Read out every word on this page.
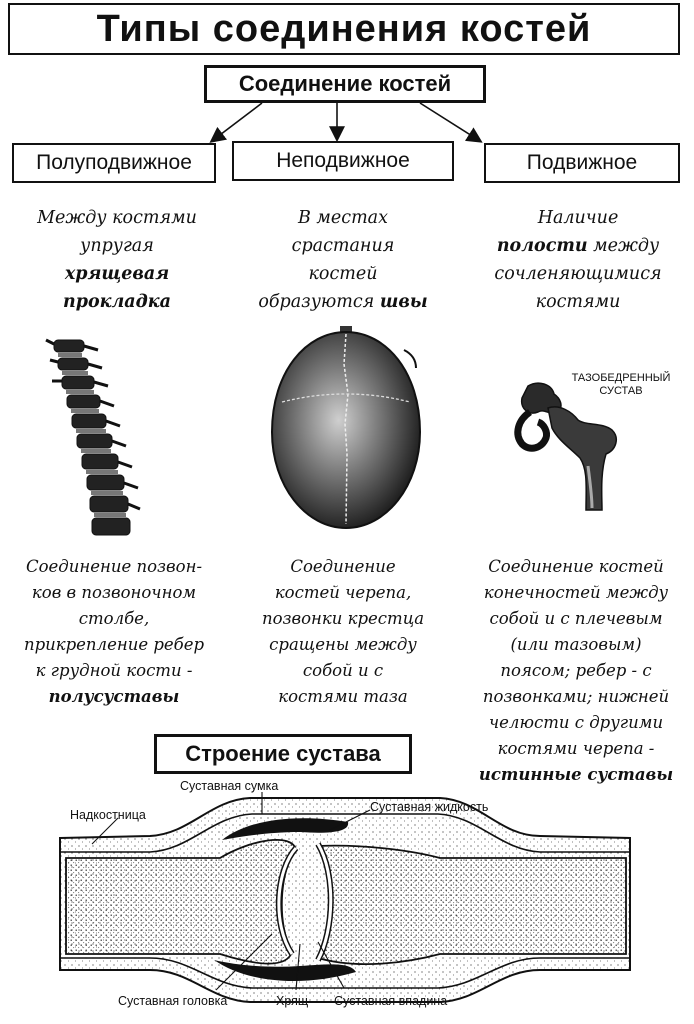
Типы соединения костей
Соединение костей
Полуподвижное	Неподвижное	Подвижное
Между костями
упругая
хрящевая
прокладка
В местах
срастания
костей
образуются швы
Наличие
полости между
сочленяющимися
костями
ТАЗОБЕДРЕННЫЙ
СУСТАВ
Соединение позвон-
ков в позвоночном
столбе,
прикрепление ребер
к грудной кости -
полусуставы
Соединение
костей черепа,
позвонки крестца
сращены между
собой и с
костями таза
Соединение костей
конечностей между
собой и с плечевым
(или тазовым)
поясом; ребер - с
позвонками; нижней
челюсти с другими
костями черепа -
истинные суставы
Строение сустава
Суставная сумка
Надкостница
Суставная жидкость
Суставная головка	Хрящ Суставная впадина
